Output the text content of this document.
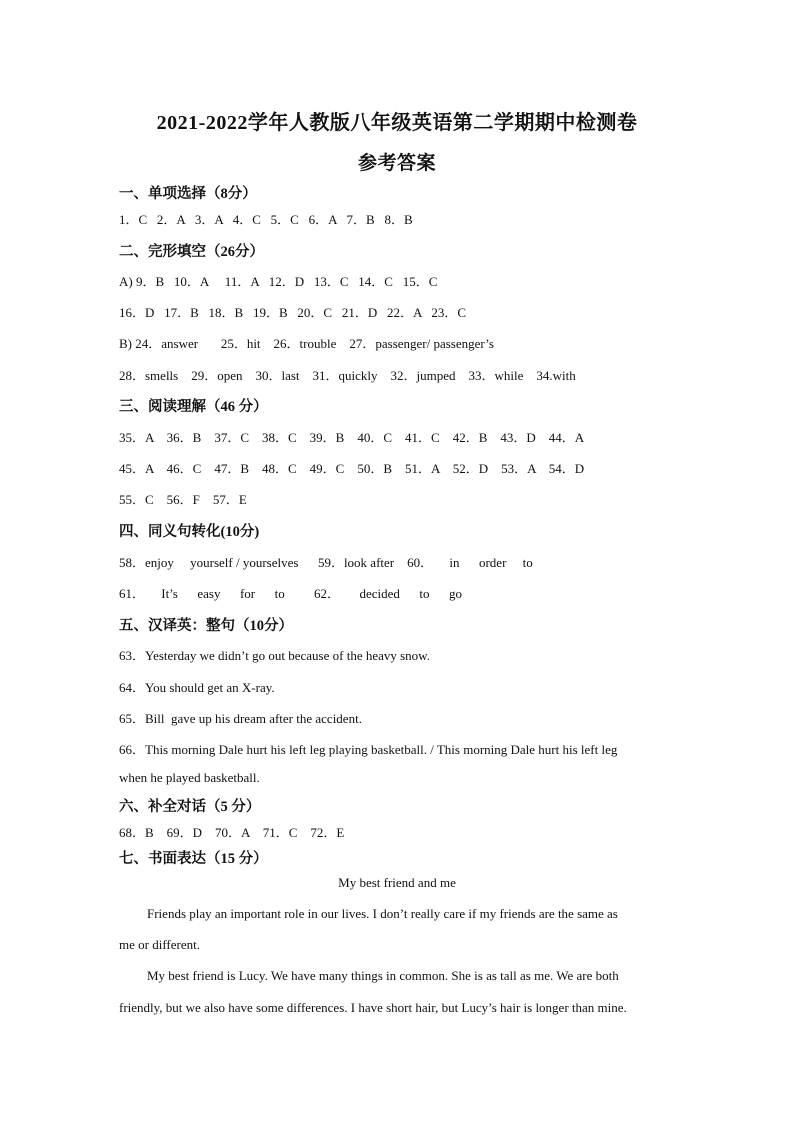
2021-2022学年人教版八年级英语第二学期期中检测卷
参考答案
一、单项选择（8分）
1．C   2．A   3．A   4．C   5．C   6．A   7．B   8．B
二、完形填空（26分）
A) 9．B   10．A     11．A   12．D   13．C   14．C   15．C
16．D   17．B   18．B   19．B   20．C   21．D   22．A   23．C
B) 24．answer       25．hit    26．trouble    27．passenger/ passenger’s
28．smells    29．open    30．last    31．quickly    32．jumped    33．while    34.with
三、阅读理解（46 分）
35．A    36．B    37．C    38．C    39．B    40．C    41．C    42．B    43．D    44．A
45．A    46．C    47．B    48．C    49．C    50．B    51．A    52．D    53．A    54．D
55．C    56．F    57．E
四、同义句转化(10分)
58．enjoy     yourself / yourselves      59．look after    60．     in      order     to
61．     It’s      easy      for      to         62．      decided      to      go
五、汉译英：整句（10分）
63．Yesterday we didn’t go out because of the heavy snow.
64．You should get an X-ray.
65．Bill  gave up his dream after the accident.
66．This morning Dale hurt his left leg playing basketball. / This morning Dale hurt his left leg
when he played basketball.
六、补全对话（5 分）
68．B    69．D    70．A    71．C    72．E
七、书面表达（15 分）
My best friend and me
Friends play an important role in our lives. I don’t really care if my friends are the same as
me or different.
My best friend is Lucy. We have many things in common. She is as tall as me. We are both
friendly, but we also have some differences. I have short hair, but Lucy’s hair is longer than mine.
